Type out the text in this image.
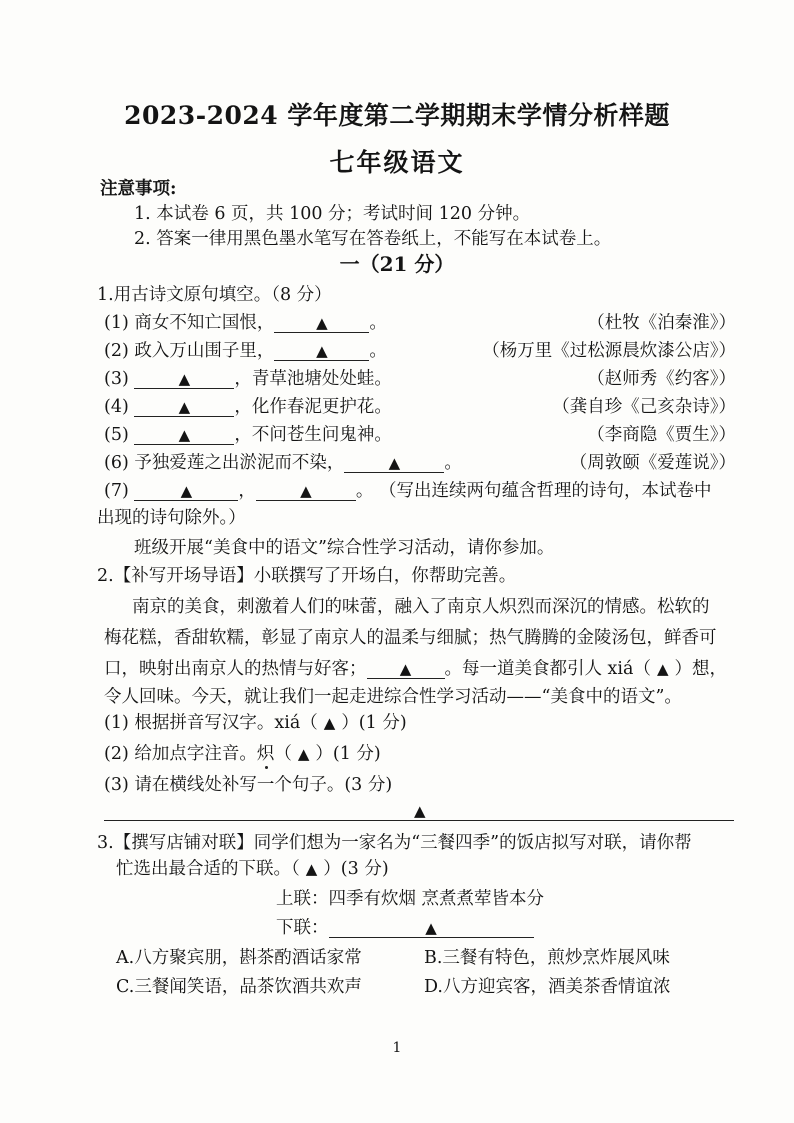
2023-2024 学年度第二学期期末学情分析样题
七年级语文
注意事项:
1. 本试卷 6 页，共 100 分；考试时间 120 分钟。
2. 答案一律用黑色墨水笔写在答卷纸上，不能写在本试卷上。
一（21 分）
1.用古诗文原句填空。（8 分）
(1) 商女不知亡国恨，	▲ 。	（杜牧《泊秦淮》）
(2) 政入万山围子里，	▲ 。	（杨万里《过松源晨炊漆公店》）
(3)	▲	，青草池塘处处蛙。	（赵师秀《约客》）
(4)	▲	，化作春泥更护花。	（龚自珍《己亥杂诗》）
(5)	▲	，不问苍生问鬼神。	（李商隐《贾生》）
(6) 予独爱莲之出淤泥而不染，	▲	。	（周敦颐《爱莲说》）
(7)	▲	，	▲	。 （写出连续两句蕴含哲理的诗句，本试卷中
出现的诗句除外。）
班级开展“美食中的语文”综合性学习活动，请你参加。
2.【补写开场导语】小联撰写了开场白，你帮助完善。
南京的美食，刺激着人们的味蕾，融入了南京人炽烈而深沉的情感。松软的
梅花糕，香甜软糯，彰显了南京人的温柔与细腻；热气腾腾的金陵汤包，鲜香可
口，映射出南京人的热情与好客； ▲ 。每一道美食都引人 xiá（ ▲ ）想，
令人回味。今天，就让我们一起走进综合性学习活动——“美食中的语文”。
(1) 根据拼音写汉字。xiá（ ▲ ）(1 分)
(2) 给加点字注音。炽（ ▲ ）(1 分)
(3) 请在横线处补写一个句子。(3 分)
▲
3.【撰写店铺对联】同学们想为一家名为“三餐四季”的饭店拟写对联，请你帮
忙选出最合适的下联。（ ▲ ）(3 分)
上联：四季有炊烟 烹煮煮荤皆本分
下联：	▲
A.八方聚宾朋，斟茶酌酒话家常	B.三餐有特色，煎炒烹炸展风味
C.三餐闻笑语，品茶饮酒共欢声	D.八方迎宾客，酒美茶香情谊浓
1
